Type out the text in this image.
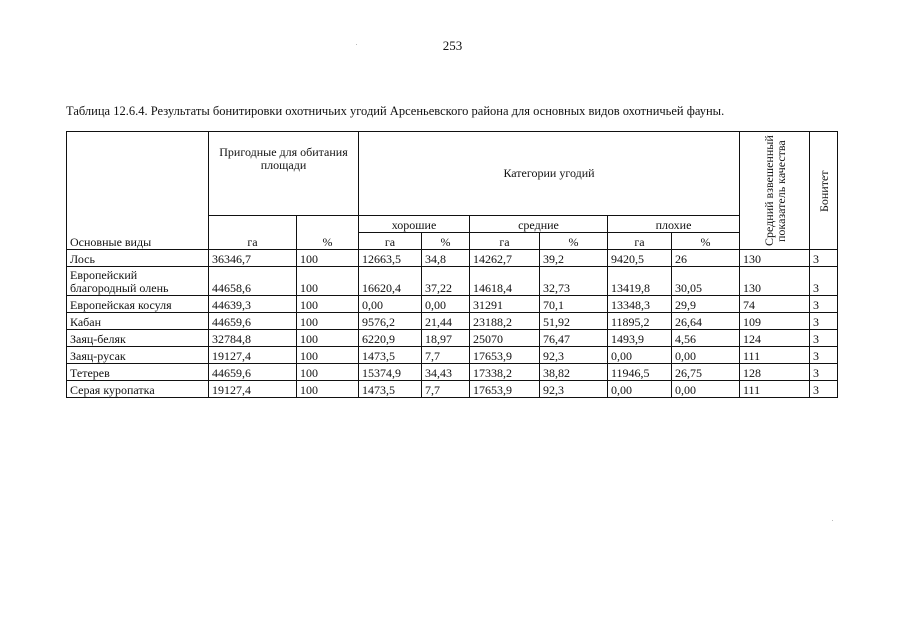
253
Таблица 12.6.4. Результаты бонитировки охотничьих угодий Арсеньевского района для основных видов охотничьей фауны.
Основные виды	Пригодные для обитания площади		Категории угодий						Средний взвешенный показатель качества	Бонитет
	га	%	хорошие		средние		плохие			
			га	%	га	%	га	%		
Лось	36346,7	100	12663,5	34,8	14262,7	39,2	9420,5	26	130	3
Европейский благородный олень	44658,6	100	16620,4	37,22	14618,4	32,73	13419,8	30,05	130	3
Европейская косуля	44639,3	100	0,00	0,00	31291	70,1	13348,3	29,9	74	3
Кабан	44659,6	100	9576,2	21,44	23188,2	51,92	11895,2	26,64	109	3
Заяц-беляк	32784,8	100	6220,9	18,97	25070	76,47	1493,9	4,56	124	3
Заяц-русак	19127,4	100	1473,5	7,7	17653,9	92,3	0,00	0,00	111	3
Тетерев	44659,6	100	15374,9	34,43	17338,2	38,82	11946,5	26,75	128	3
Серая куропатка	19127,4	100	1473,5	7,7	17653,9	92,3	0,00	0,00	111	3
